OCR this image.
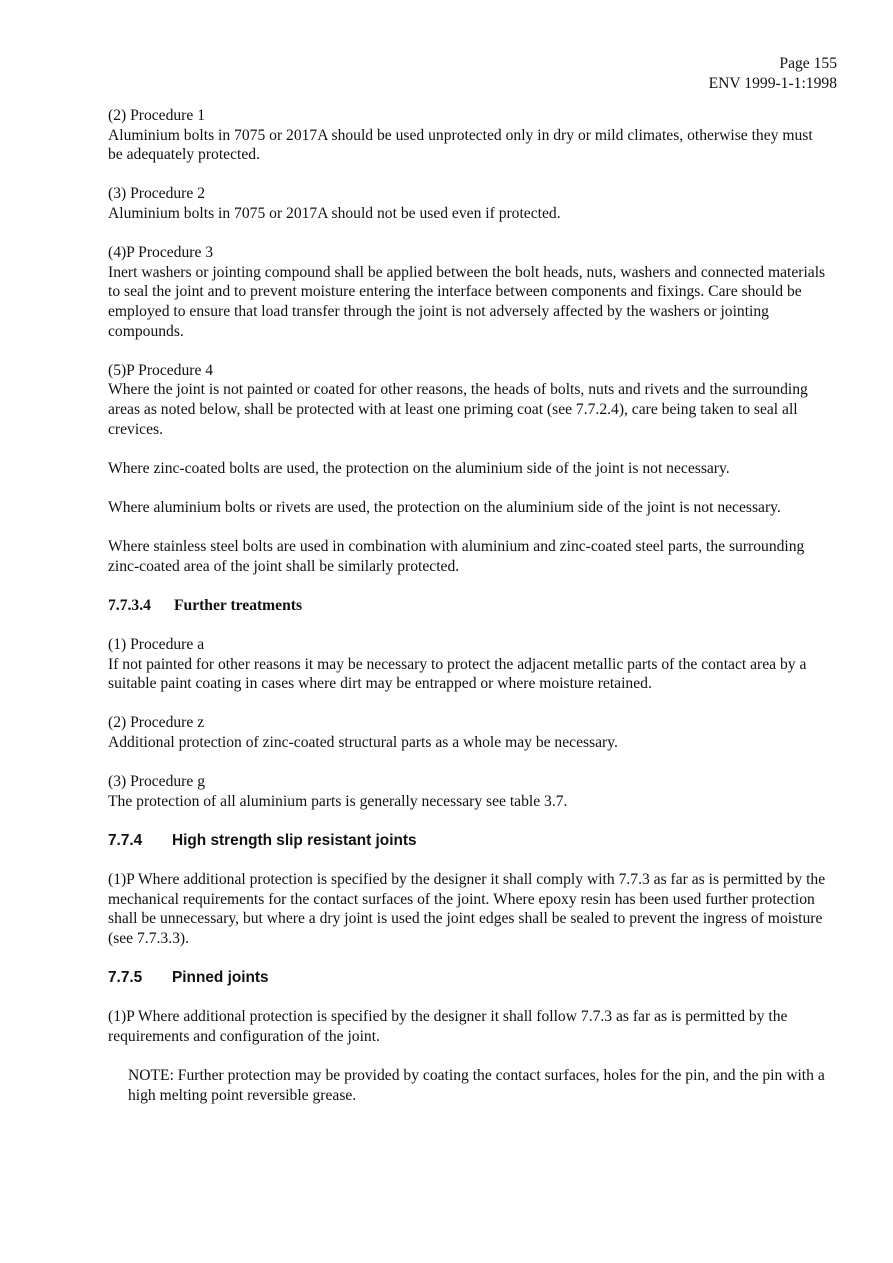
Page 155
ENV 1999-1-1:1998

(2) Procedure 1

Aluminium bolts in 7075 or 2017A should be used unprotected only in dry or mild climates, otherwise they must be adequately protected.

(3) Procedure 2

Aluminium bolts in 7075 or 2017A should not be used even if protected.

(4)P Procedure 3

Inert washers or jointing compound shall be applied between the bolt heads, nuts, washers and connected materials to seal the joint and to prevent moisture entering the interface between components and fixings. Care should be employed to ensure that load transfer through the joint is not adversely affected by the washers or jointing compounds.

(5)P Procedure 4

Where the joint is not painted or coated for other reasons, the heads of bolts, nuts and rivets and the surrounding areas as noted below, shall be protected with at least one priming coat (see 7.7.2.4), care being taken to seal all crevices.

Where zinc-coated bolts are used, the protection on the aluminium side of the joint is not necessary.

Where aluminium bolts or rivets are used, the protection on the aluminium side of the joint is not necessary.

Where stainless steel bolts are used in combination with aluminium and zinc-coated steel parts, the surrounding zinc-coated area of the joint shall be similarly protected.

7.7.3.4 Further treatments

(1) Procedure a

If not painted for other reasons it may be necessary to protect the adjacent metallic parts of the contact area by a suitable paint coating in cases where dirt may be entrapped or where moisture retained.

(2) Procedure z

Additional protection of zinc-coated structural parts as a whole may be necessary.

(3) Procedure g

The protection of all aluminium parts is generally necessary see table 3.7.

7.7.4 High strength slip resistant joints

(1)P Where additional protection is specified by the designer it shall comply with 7.7.3 as far as is permitted by the mechanical requirements for the contact surfaces of the joint. Where epoxy resin has been used further protection shall be unnecessary, but where a dry joint is used the joint edges shall be sealed to prevent the ingress of moisture (see 7.7.3.3).

7.7.5 Pinned joints

(1)P Where additional protection is specified by the designer it shall follow 7.7.3 as far as is permitted by the requirements and configuration of the joint.

NOTE: Further protection may be provided by coating the contact surfaces, holes for the pin, and the pin with a high melting point reversible grease.
